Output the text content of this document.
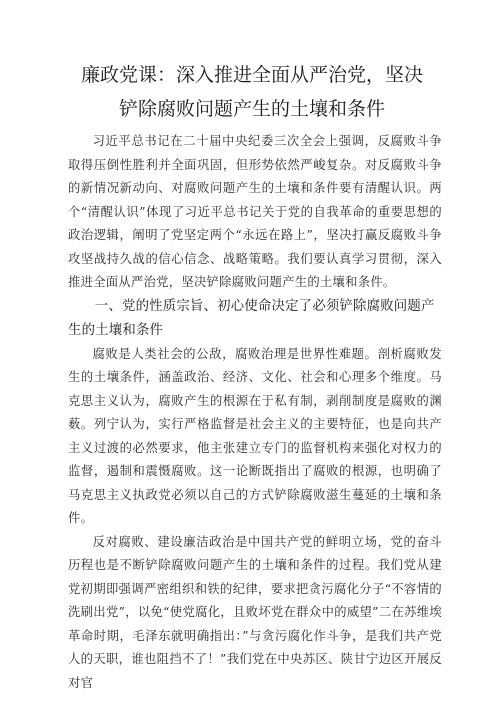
廉政党课：深入推进全面从严治党，坚决
铲除腐败问题产生的土壤和条件

习近平总书记在二十届中央纪委三次全会上强调，反腐败斗争取得压倒性胜利并全面巩固，但形势依然严峻复杂。对反腐败斗争的新情况新动向、对腐败问题产生的土壤和条件要有清醒认识。两个“清醒认识”体现了习近平总书记关于党的自我革命的重要思想的政治逻辑，阐明了党坚定两个“永远在路上”，坚决打赢反腐败斗争攻坚战持久战的信心信念、战略策略。我们要认真学习贯彻，深入推进全面从严治党，坚决铲除腐败问题产生的土壤和条件。

一、党的性质宗旨、初心使命决定了必须铲除腐败问题产生的土壤和条件

腐败是人类社会的公敌，腐败治理是世界性难题。剖析腐败发生的土壤条件，涵盖政治、经济、文化、社会和心理多个维度。马克思主义认为，腐败产生的根源在于私有制，剥削制度是腐败的渊薮。列宁认为，实行严格监督是社会主义的主要特征，也是向共产主义过渡的必然要求，他主张建立专门的监督机构来强化对权力的监督，遏制和震慑腐败。这一论断既指出了腐败的根源，也明确了马克思主义执政党必须以自己的方式铲除腐败滋生蔓延的土壤和条件。

反对腐败、建设廉洁政治是中国共产党的鲜明立场，党的奋斗历程也是不断铲除腐败问题产生的土壤和条件的过程。我们党从建党初期即强调严密组织和铁的纪律，要求把贪污腐化分子“不容情的洗刷出党”，以免“使党腐化，且败坏党在群众中的威望”二在苏维埃革命时期，毛泽东就明确指出：”与贪污腐化作斗争，是我们共产党人的天职，谁也阻挡不了！”我们党在中央苏区、陕甘宁边区开展反对官
